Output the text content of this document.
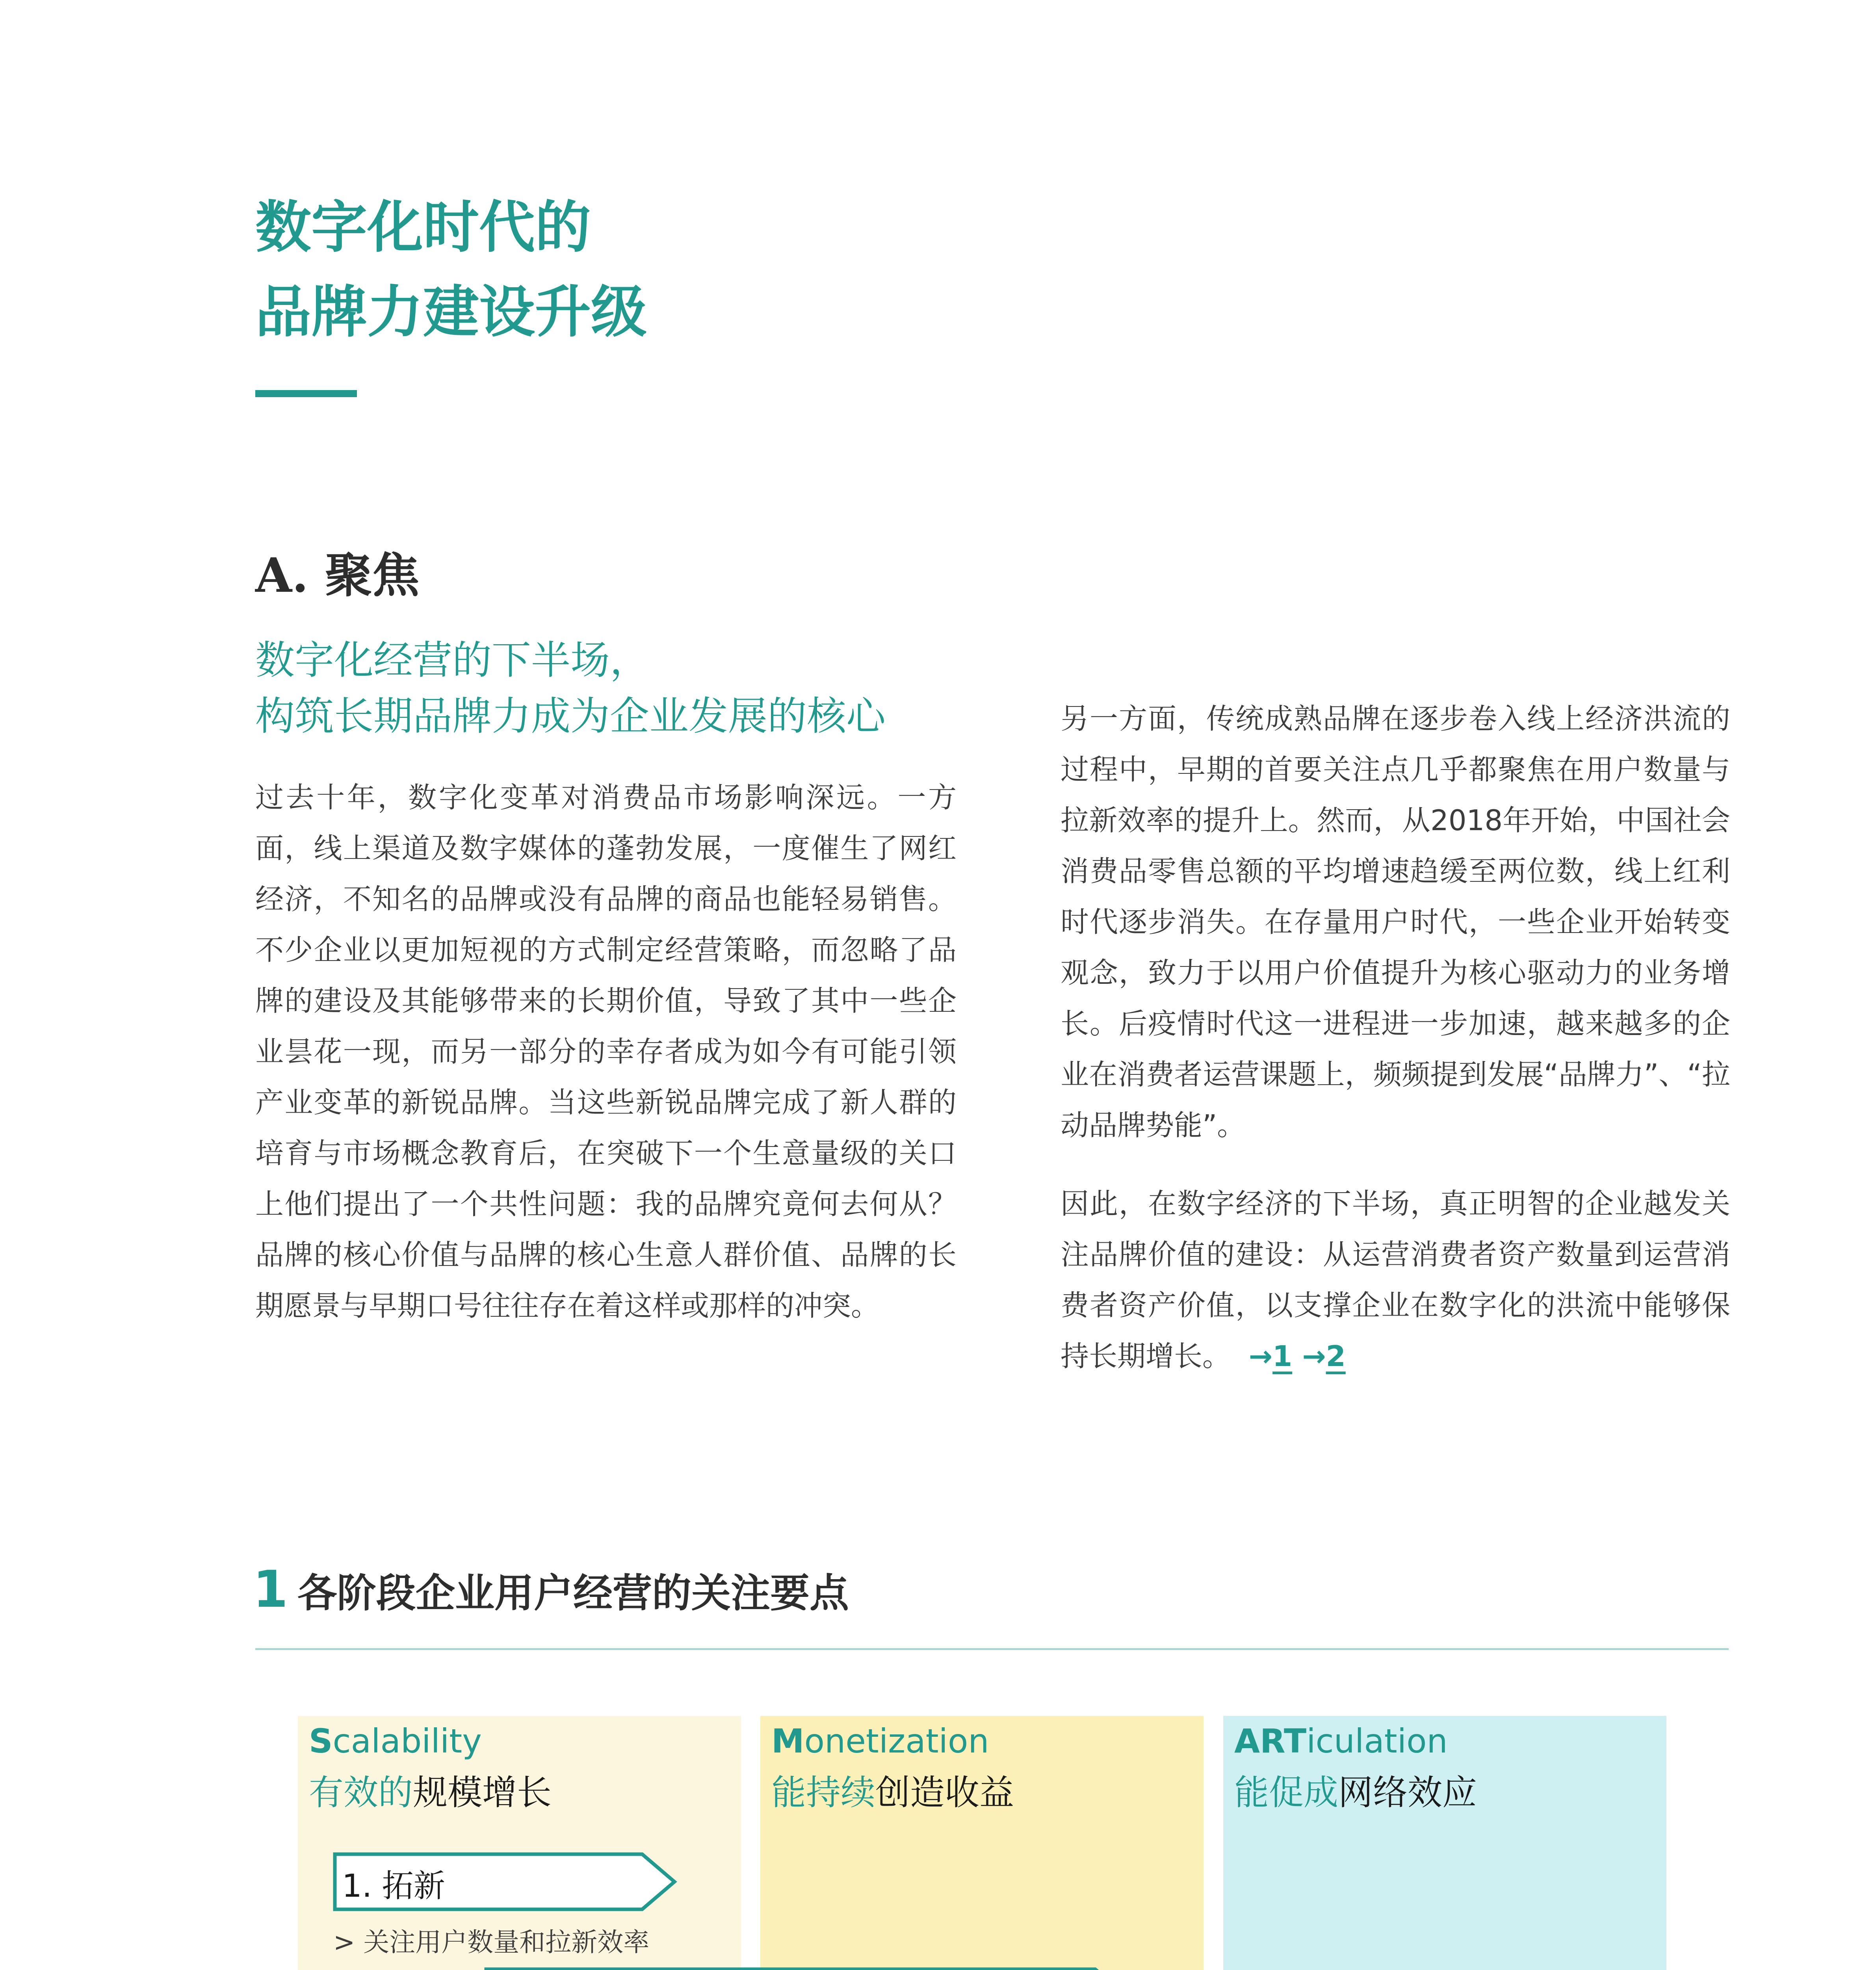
数字化时代的
品牌力建设升级
A. 聚焦
数字化经营的下半场，
构筑长期品牌力成为企业发展的核心

过去十年，数字化变革对消费品市场影响深远。一方面，线上渠道及数字媒体的蓬勃发展，一度催生了网红经济，不知名的品牌或没有品牌的商品也能轻易销售。不少企业以更加短视的方式制定经营策略，而忽略了品牌的建设及其能够带来的长期价值，导致了其中一些企业昙花一现，而另一部分的幸存者成为如今有可能引领产业变革的新锐品牌。当这些新锐品牌完成了新人群的培育与市场概念教育后，在突破下一个生意量级的关口上他们提出了一个共性问题：我的品牌究竟何去何从？品牌的核心价值与品牌的核心生意人群价值、品牌的长期愿景与早期口号往往存在着这样或那样的冲突。

另一方面，传统成熟品牌在逐步卷入线上经济洪流的过程中，早期的首要关注点几乎都聚焦在用户数量与拉新效率的提升上。然而，从2018年开始，中国社会消费品零售总额的平均增速趋缓至两位数，线上红利时代逐步消失。在存量用户时代，一些企业开始转变观念，致力于以用户价值提升为核心驱动力的业务增长。后疫情时代这一进程进一步加速，越来越多的企业在消费者运营课题上，频频提到发展“品牌力”、“拉动品牌势能”。

因此，在数字经济的下半场，真正明智的企业越发关注品牌价值的建设：从运营消费者资产数量到运营消费者资产价值，以支撑企业在数字化的洪流中能够保持长期增长。 →1 →2

1 各阶段企业用户经营的关注要点
Scalability
有效的规模增长
Monetization
能持续创造收益
ARTiculation
能促成网络效应
1. 拓新
> 关注用户数量和拉新效率
